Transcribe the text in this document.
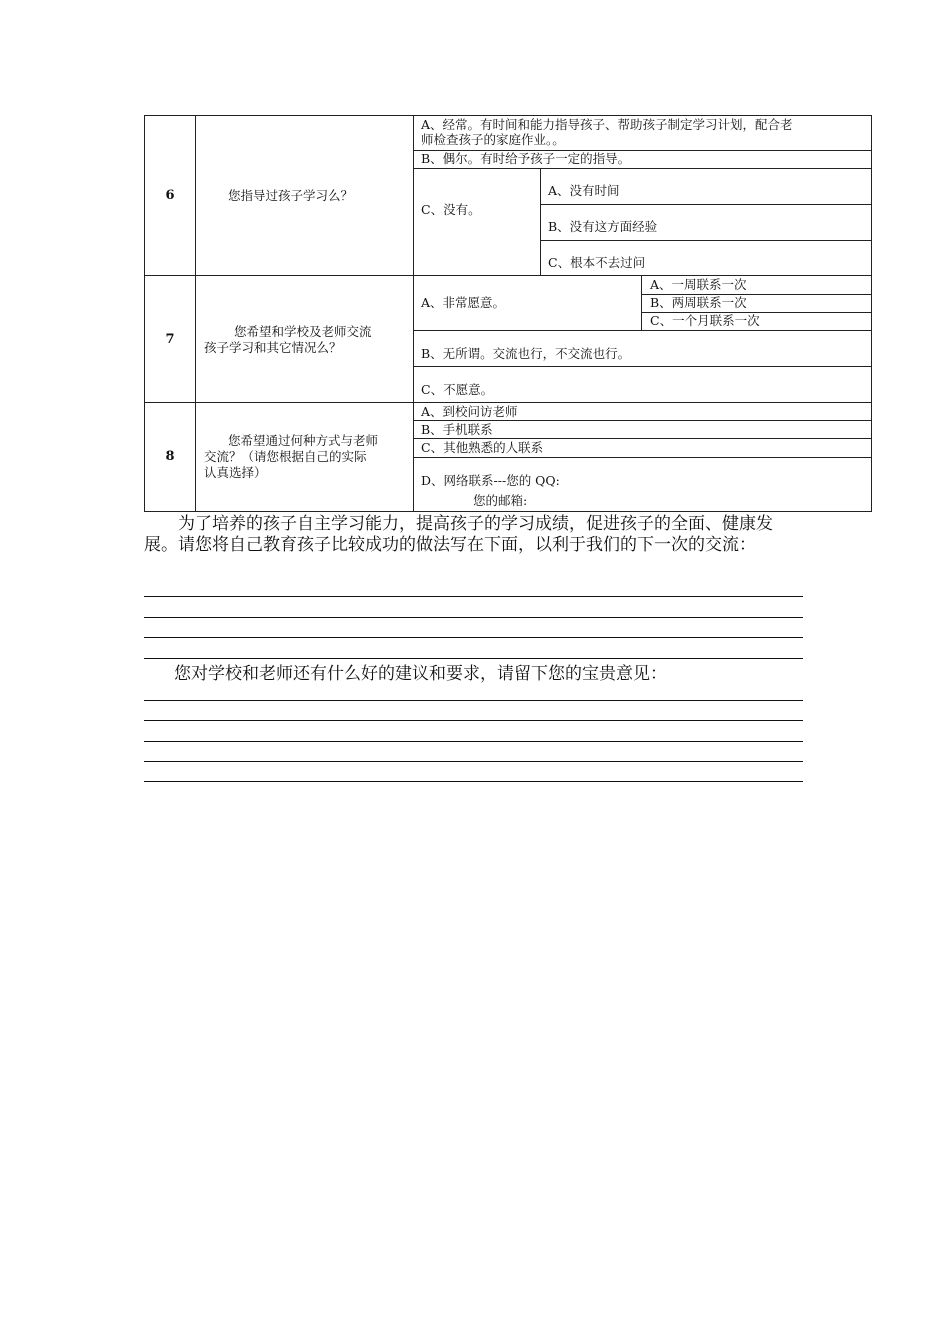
6	您指导过孩子学习么？
A、经常。有时间和能力指导孩子、帮助孩子制定学习计划，配合老
师检查孩子的家庭作业。。
B、偶尔。有时给予孩子一定的指导。
C、没有。
A、没有时间
B、没有这方面经验
C、根本不去过问
7
您希望和学校及老师交流
孩子学习和其它情况么？
A、非常愿意。
A、一周联系一次
B、两周联系一次
C、一个月联系一次
B、无所谓。交流也行，不交流也行。
C、不愿意。
8
您希望通过何种方式与老师
交流？（请您根据自己的实际
认真选择）
A、到校问访老师
B、手机联系
C、其他熟悉的人联系
D、网络联系---您的 QQ:
您的邮箱:
为了培养的孩子自主学习能力，提高孩子的学习成绩，促进孩子的全面、健康发展。请您将自己教育孩子比较成功的做法写在下面，以利于我们的下一次的交流：
您对学校和老师还有什么好的建议和要求，请留下您的宝贵意见：
